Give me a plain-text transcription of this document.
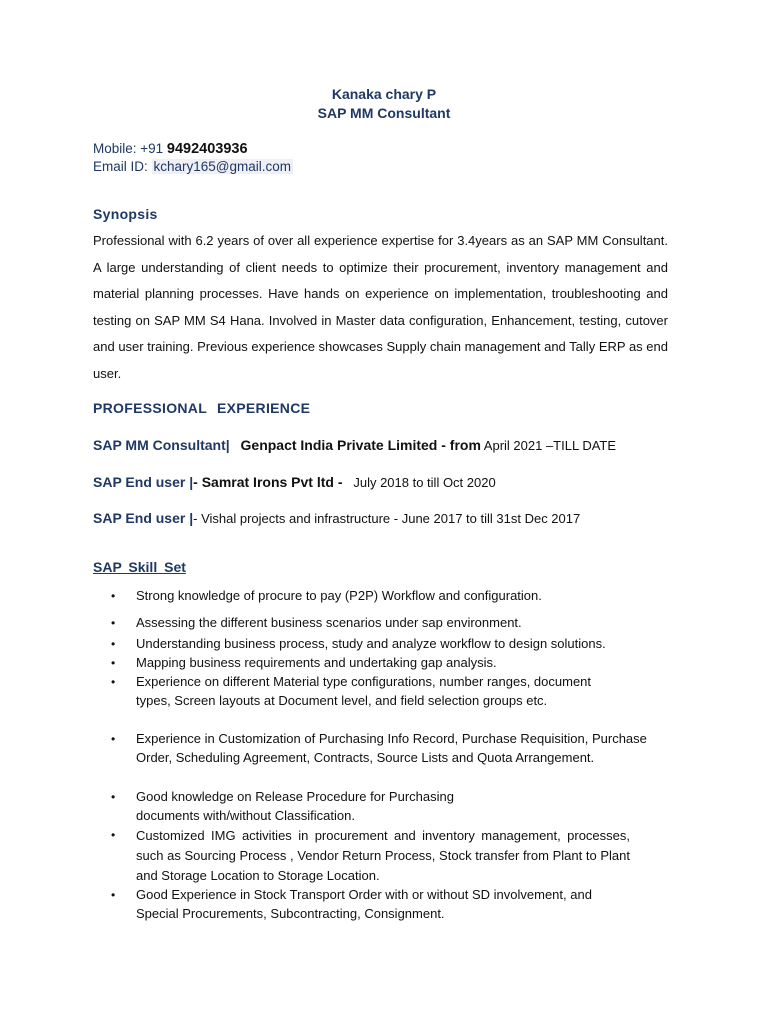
Kanaka chary P
SAP MM Consultant
Mobile: +91 9492403936
Email ID: kchary165@gmail.com
Synopsis
Professional with 6.2 years of over all experience expertise for 3.4years as an SAP MM Consultant. A large understanding of client needs to optimize their procurement, inventory management and material planning processes. Have hands on experience on implementation, troubleshooting and testing on SAP MM S4 Hana. Involved in Master data configuration, Enhancement, testing, cutover and user training. Previous experience showcases Supply chain management and Tally ERP as end user.
PROFESSIONAL EXPERIENCE
SAP MM Consultant| Genpact India Private Limited - from April 2021 –TILL DATE
SAP End user |- Samrat Irons Pvt ltd - July 2018 to till Oct 2020
SAP End user |- Vishal projects and infrastructure - June 2017 to till 31st Dec 2017
SAP Skill Set
• Strong knowledge of procure to pay (P2P) Workflow and configuration.
• Assessing the different business scenarios under sap environment.
• Understanding business process, study and analyze workflow to design solutions.
• Mapping business requirements and undertaking gap analysis.
• Experience on different Material type configurations, number ranges, document types, Screen layouts at Document level, and field selection groups etc.
• Experience in Customization of Purchasing Info Record, Purchase Requisition, Purchase Order, Scheduling Agreement, Contracts, Source Lists and Quota Arrangement.
• Good knowledge on Release Procedure for Purchasing documents with/without Classification.
• Customized IMG activities in procurement and inventory management, processes, such as Sourcing Process , Vendor Return Process, Stock transfer from Plant to Plant and Storage Location to Storage Location.
• Good Experience in Stock Transport Order with or without SD involvement, and Special Procurements, Subcontracting, Consignment.
